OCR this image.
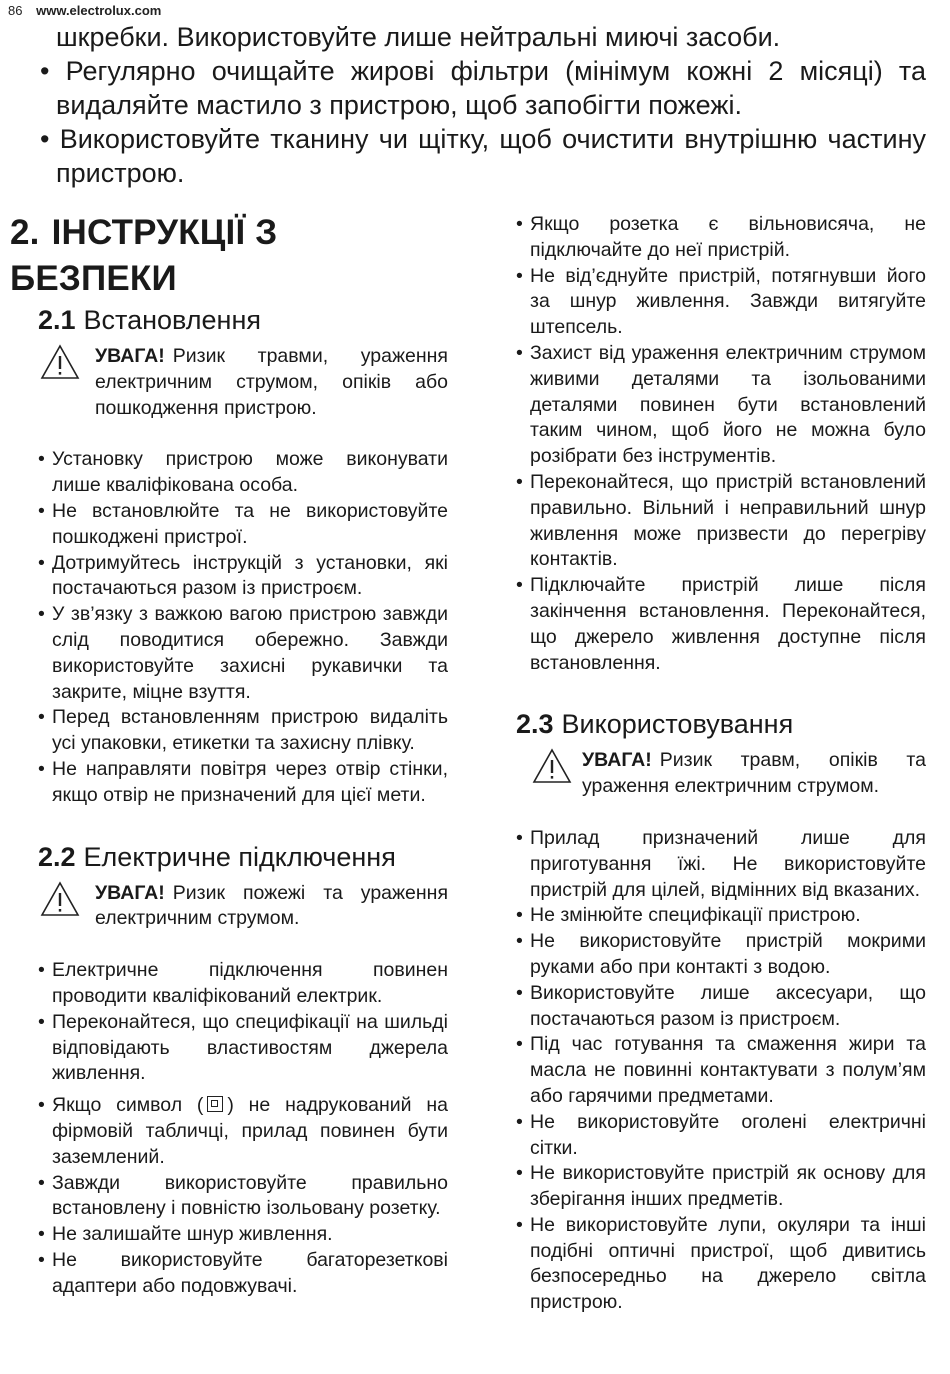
86 www.electrolux.com

шкребки. Використовуйте лише нейтральні миючі засоби.

• Регулярно очищайте жирові фільтри (мінімум кожні 2 місяці) та видаляйте мастило з пристрою, щоб запобігти пожежі.

• Використовуйте тканину чи щітку, щоб очистити внутрішню частину пристрою.

2. ІНСТРУКЦІЇ З БЕЗПЕКИ
2.1 Встановлення

УВАГА! Ризик травми, ураження електричним струмом, опіків або пошкодження пристрою.

• Установку пристрою може виконувати лише кваліфікована особа.
• Не встановлюйте та не використовуйте пошкоджені пристрої.
• Дотримуйтесь інструкцій з установки, які постачаються разом із пристроєм.
• У зв’язку з важкою вагою пристрою завжди слід поводитися обережно. Завжди використовуйте захисні рукавички та закрите, міцне взуття.
• Перед встановленням пристрою видаліть усі упаковки, етикетки та захисну плівку.
• Не направляти повітря через отвір стінки, якщо отвір не призначений для цієї мети.
2.2 Електричне підключення

УВАГА! Ризик пожежі та ураження електричним струмом.

• Електричне підключення повинен проводити кваліфікований електрик.
• Переконайтеся, що специфікації на шильді відповідають властивостям джерела живлення.
• Якщо символ ( ) не надрукований на фірмовій табличці, прилад повинен бути заземлений.
• Завжди використовуйте правильно встановлену і повністю ізольовану розетку.
• Не залишайте шнур живлення.
• Не використовуйте багаторезеткові адаптери або подовжувачі.
• Якщо розетка є вільновисяча, не підключайте до неї пристрій.
• Не від’єднуйте пристрій, потягнувши його за шнур живлення. Завжди витягуйте штепсель.
• Захист від ураження електричним струмом живими деталями та ізольованими деталями повинен бути встановлений таким чином, щоб його не можна було розібрати без інструментів.
• Переконайтеся, що пристрій встановлений правильно. Вільний і неправильний шнур живлення може призвести до перегріву контактів.
• Підключайте пристрій лише після закінчення встановлення. Переконайтеся, що джерело живлення доступне після встановлення.
2.3 Використовування

УВАГА! Ризик травм, опіків та ураження електричним струмом.

• Прилад призначений лише для приготування їжі. Не використовуйте пристрій для цілей, відмінних від вказаних.
• Не змінюйте специфікації пристрою.
• Не використовуйте пристрій мокрими руками або при контакті з водою.
• Використовуйте лише аксесуари, що постачаються разом із пристроєм.
• Під час готування та смаження жири та масла не повинні контактувати з полум’ям або гарячими предметами.
• Не використовуйте оголені електричні сітки.
• Не використовуйте пристрій як основу для зберігання інших предметів.
• Не використовуйте лупи, окуляри та інші подібні оптичні пристрої, щоб дивитись безпосередньо на джерело світла пристрою.
